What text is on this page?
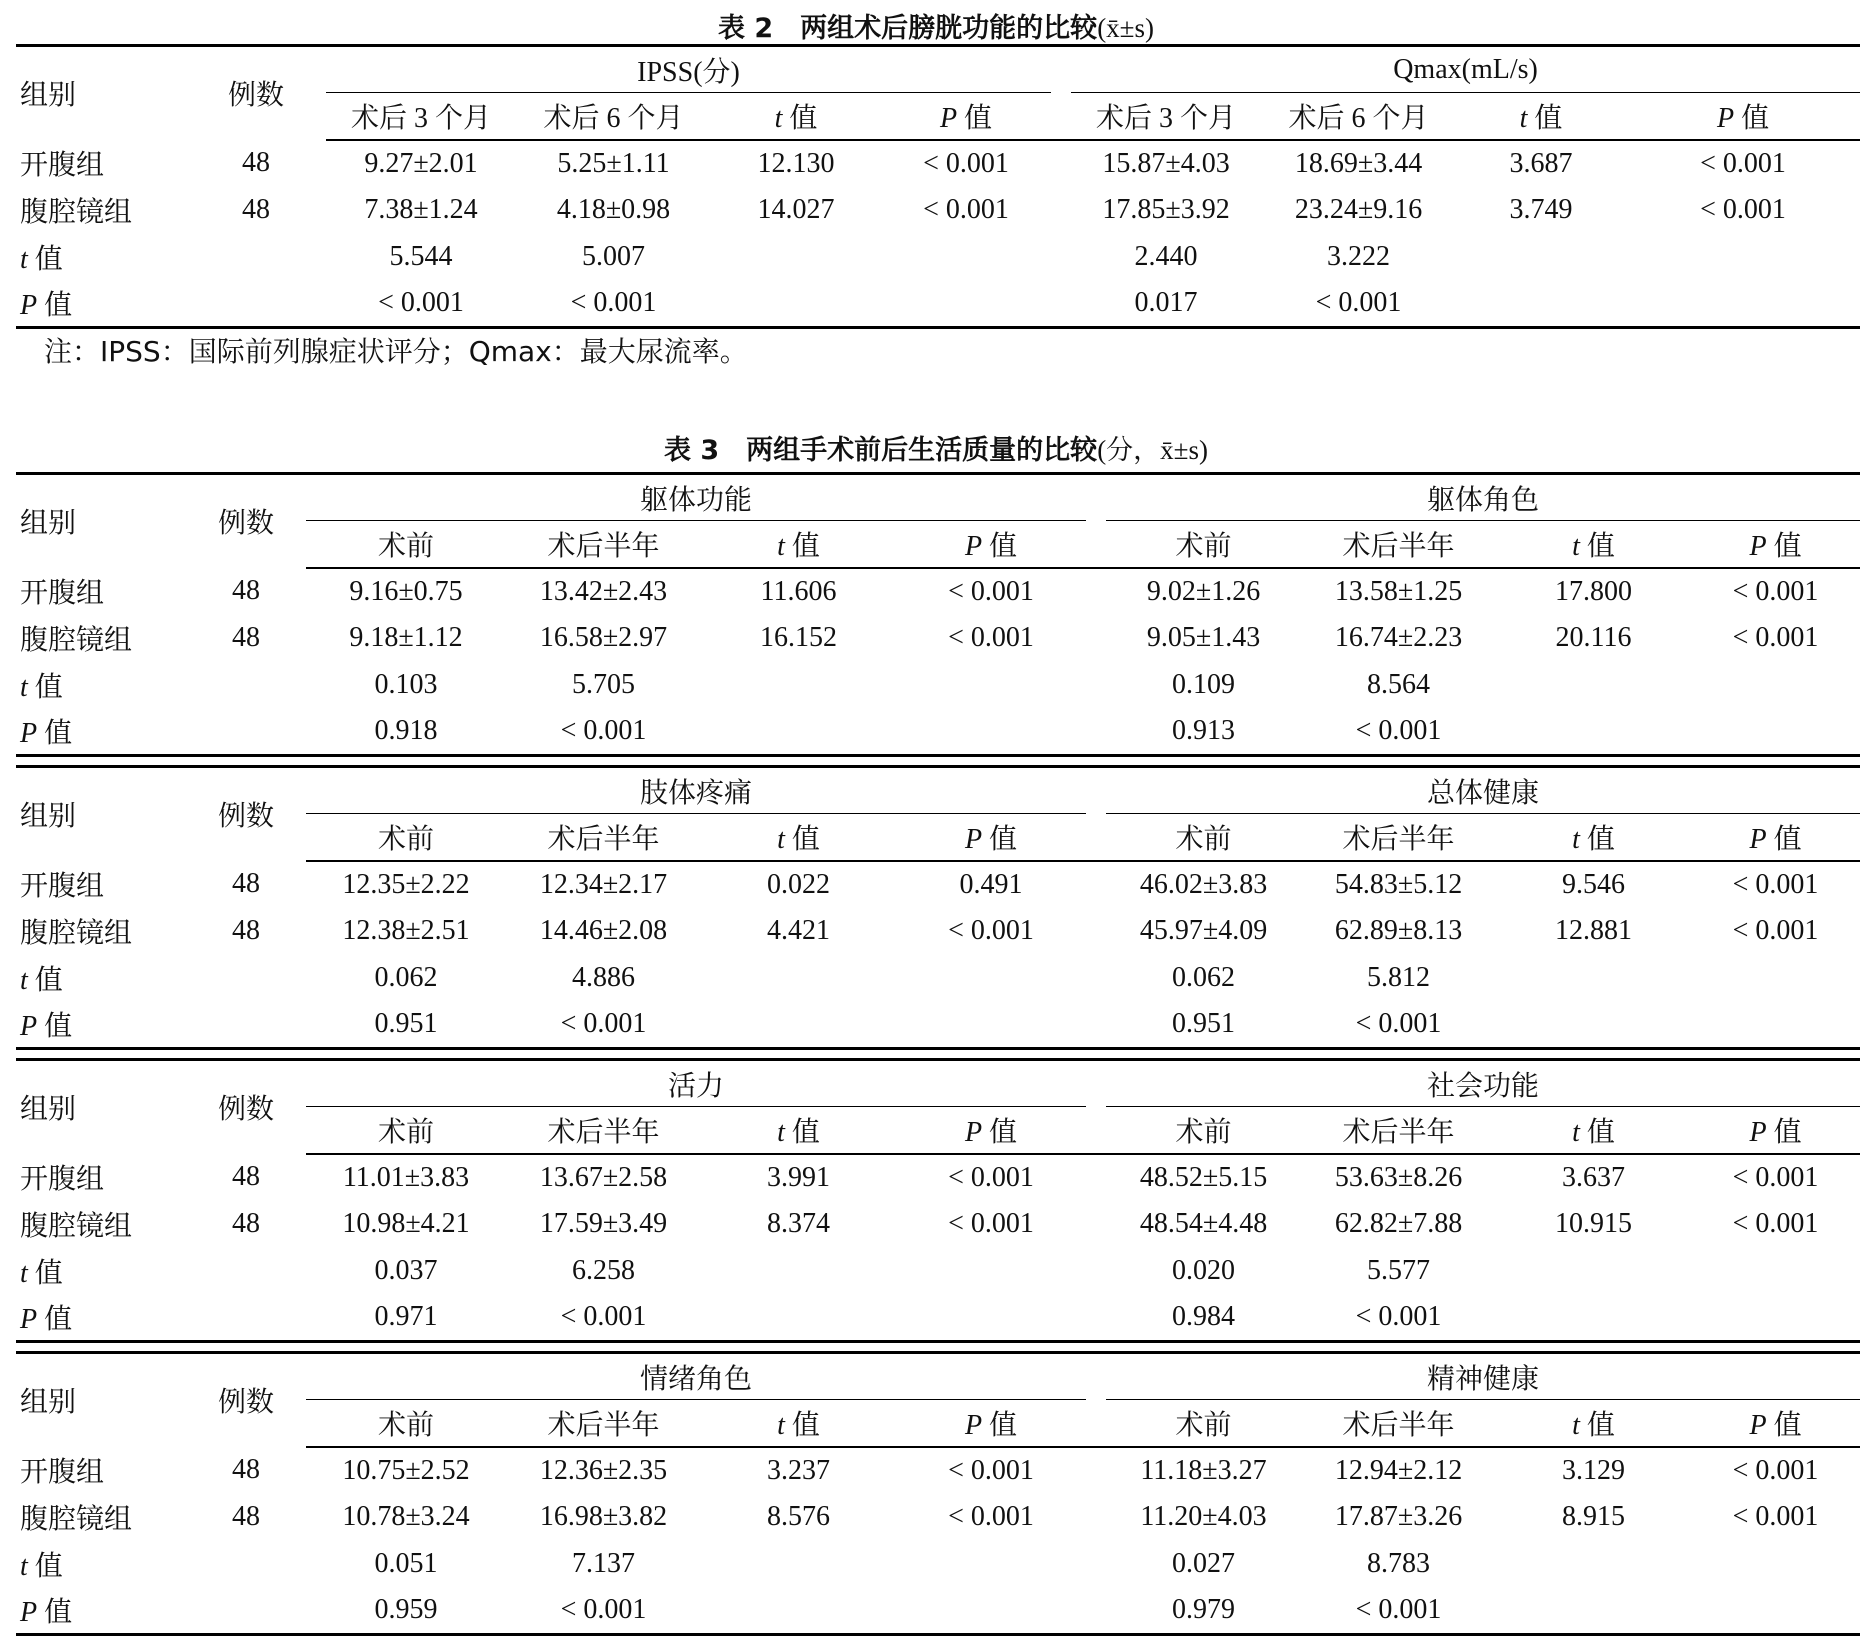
表 2　两组术后膀胱功能的比较(x̄±s)
组别	例数	IPSS(分)					Qmax(mL/s)			
		术后 3 个月	术后 6 个月	t 值	P 值		术后 3 个月	术后 6 个月	t 值	P 值
开腹组	48	9.27±2.01	5.25±1.11	12.130	< 0.001		15.87±4.03	18.69±3.44	3.687	< 0.001
腹腔镜组	48	7.38±1.24	4.18±0.98	14.027	< 0.001		17.85±3.92	23.24±9.16	3.749	< 0.001
t 值		5.544	5.007				2.440	3.222		
P 值		< 0.001	< 0.001				0.017	< 0.001		
注：IPSS：国际前列腺症状评分；Qmax：最大尿流率。
表 3　两组手术前后生活质量的比较(分，x̄±s)
组别	例数	躯体功能					躯体角色			
		术前	术后半年	t 值	P 值		术前	术后半年	t 值	P 值
开腹组	48	9.16±0.75	13.42±2.43	11.606	< 0.001		9.02±1.26	13.58±1.25	17.800	< 0.001
腹腔镜组	48	9.18±1.12	16.58±2.97	16.152	< 0.001		9.05±1.43	16.74±2.23	20.116	< 0.001
t 值		0.103	5.705				0.109	8.564		
P 值		0.918	< 0.001				0.913	< 0.001		

组别	例数	肢体疼痛					总体健康			
		术前	术后半年	t 值	P 值		术前	术后半年	t 值	P 值
开腹组	48	12.35±2.22	12.34±2.17	0.022	0.491		46.02±3.83	54.83±5.12	9.546	< 0.001
腹腔镜组	48	12.38±2.51	14.46±2.08	4.421	< 0.001		45.97±4.09	62.89±8.13	12.881	< 0.001
t 值		0.062	4.886				0.062	5.812		
P 值		0.951	< 0.001				0.951	< 0.001		

组别	例数	活力					社会功能			
		术前	术后半年	t 值	P 值		术前	术后半年	t 值	P 值
开腹组	48	11.01±3.83	13.67±2.58	3.991	< 0.001		48.52±5.15	53.63±8.26	3.637	< 0.001
腹腔镜组	48	10.98±4.21	17.59±3.49	8.374	< 0.001		48.54±4.48	62.82±7.88	10.915	< 0.001
t 值		0.037	6.258				0.020	5.577		
P 值		0.971	< 0.001				0.984	< 0.001		

组别	例数	情绪角色					精神健康			
		术前	术后半年	t 值	P 值		术前	术后半年	t 值	P 值
开腹组	48	10.75±2.52	12.36±2.35	3.237	< 0.001		11.18±3.27	12.94±2.12	3.129	< 0.001
腹腔镜组	48	10.78±3.24	16.98±3.82	8.576	< 0.001		11.20±4.03	17.87±3.26	8.915	< 0.001
t 值		0.051	7.137				0.027	8.783		
P 值		0.959	< 0.001				0.979	< 0.001		
